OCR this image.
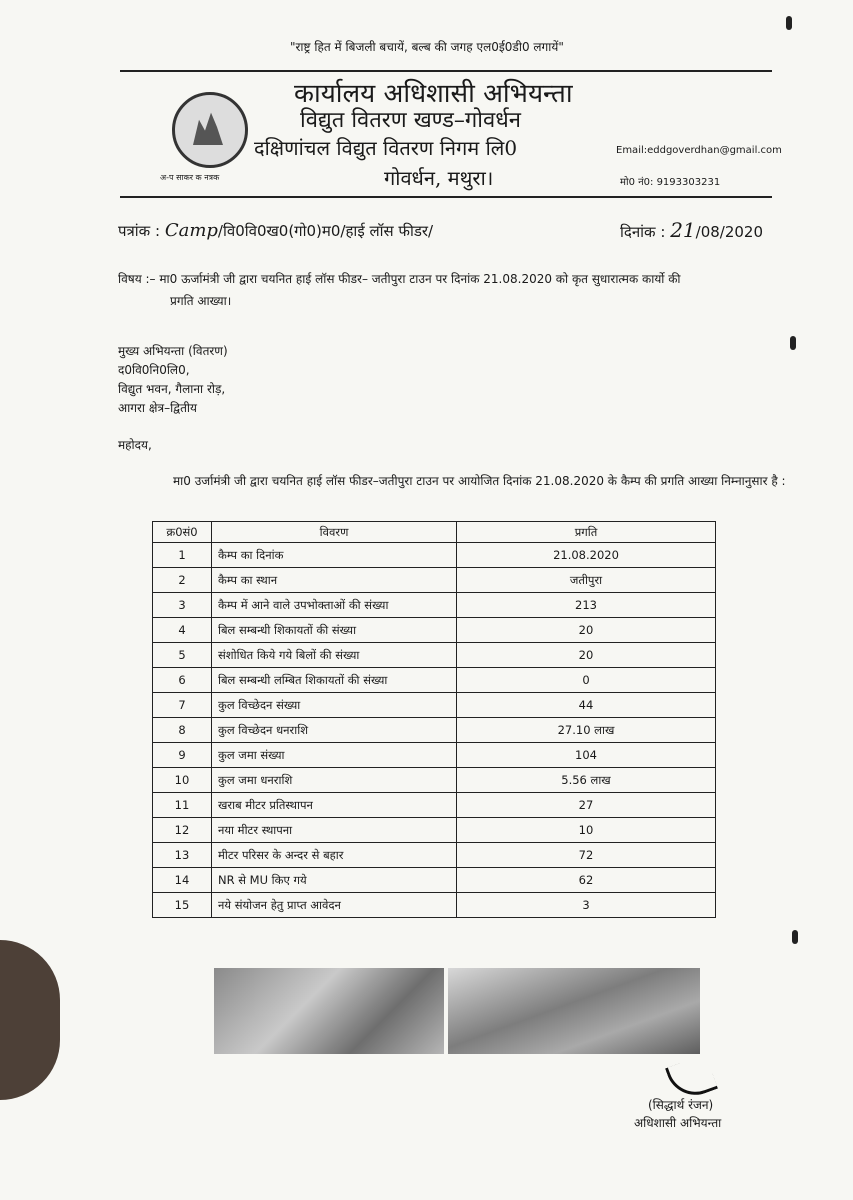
"राष्ट्र हित में बिजली बचायें, बल्ब की जगह एल0ई0डी0 लगायें"
अ-प साकर क नत्रक
कार्यालय अधिशासी अभियन्ता
विद्युत वितरण खण्ड–गोवर्धन
दक्षिणांचल विद्युत वितरण निगम लि0
गोवर्धन, मथुरा।
Email:eddgoverdhan@gmail.com
मो0 नं0: 9193303231
पत्रांक : Camp/वि0वि0ख0(गो0)म0/हाई लॉस फीडर/	दिनांक : 21/08/2020
विषय :– मा0 ऊर्जामंत्री जी द्वारा चयनित हाई लॉस फीडर– जतीपुरा टाउन पर दिनांक 21.08.2020 को कृत सुधारात्मक कार्यो की
प्रगति आख्या।
मुख्य अभियन्ता (वितरण)
द0वि0नि0लि0,
विद्युत भवन, गैलाना रोड़,
आगरा क्षेत्र–द्वितीय
महोदय,
मा0 उर्जामंत्री जी द्वारा चयनित हाई लॉस फीडर–जतीपुरा टाउन पर आयोजित दिनांक 21.08.2020 के कैम्प की प्रगति आख्या निम्नानुसार है :
क्र0सं0	विवरण	प्रगति
1	कैम्प का दिनांक	21.08.2020
2	कैम्प का स्थान	जतीपुरा
3	कैम्प में आने वाले उपभोक्ताओं की संख्या	213
4	बिल सम्बन्धी शिकायतों की संख्या	20
5	संशोधित किये गये बिलों की संख्या	20
6	बिल सम्बन्धी लम्बित शिकायतों की संख्या	0
7	कुल विच्छेदन संख्या	44
8	कुल विच्छेदन धनराशि	27.10 लाख
9	कुल जमा संख्या	104
10	कुल जमा धनराशि	5.56 लाख
11	खराब मीटर प्रतिस्थापन	27
12	नया मीटर स्थापना	10
13	मीटर परिसर के अन्दर से बहार	72
14	NR से MU किए गये	62
15	नये संयोजन हेतु प्राप्त आवेदन	3
(सिद्धार्थ रंजन)
अधिशासी अभियन्ता
